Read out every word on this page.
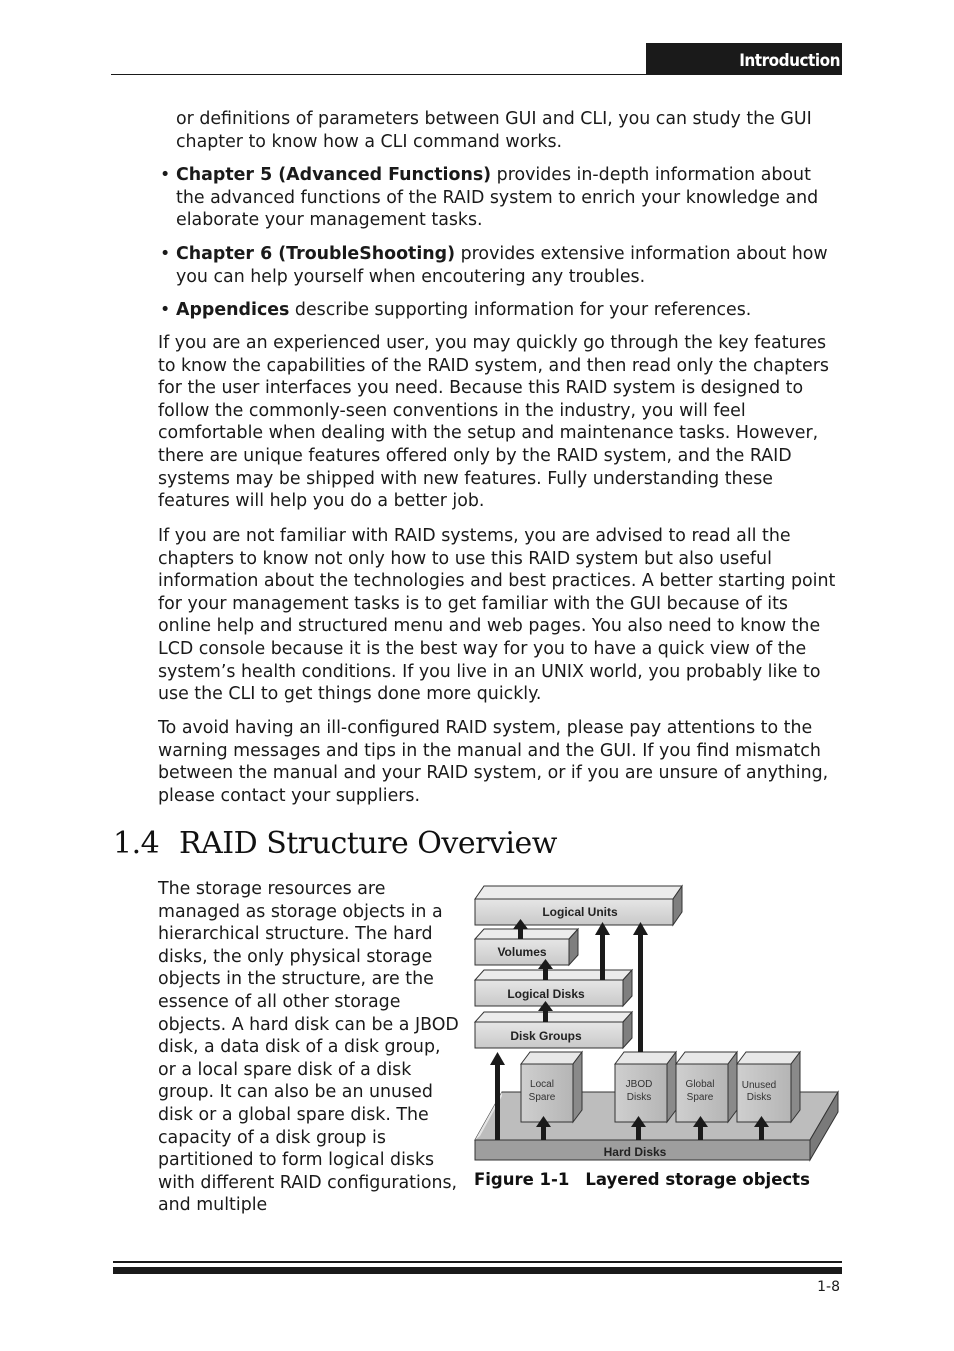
Introduction

or definitions of parameters between GUI and CLI, you can study the GUI chapter to know how a CLI command works.

• Chapter 5 (Advanced Functions) provides in-depth information about the advanced functions of the RAID system to enrich your knowledge and elaborate your management tasks.
• Chapter 6 (TroubleShooting) provides extensive information about how you can help yourself when encoutering any troubles.
• Appendices describe supporting information for your references.

If you are an experienced user, you may quickly go through the key features to know the capabilities of the RAID system, and then read only the chapters for the user interfaces you need. Because this RAID system is designed to follow the commonly-seen conventions in the industry, you will feel comfortable when dealing with the setup and maintenance tasks. However, there are unique features offered only by the RAID system, and the RAID systems may be shipped with new features. Fully understanding these features will help you do a better job.

If you are not familiar with RAID systems, you are advised to read all the chapters to know not only how to use this RAID system but also useful information about the technologies and best practices. A better starting point for your management tasks is to get familiar with the GUI because of its online help and structured menu and web pages. You also need to know the LCD console because it is the best way for you to have a quick view of the system’s health conditions. If you live in an UNIX world, you probably like to use the CLI to get things done more quickly.

To avoid having an ill-configured RAID system, please pay attentions to the warning messages and tips in the manual and the GUI. If you find mismatch between the manual and your RAID system, or if you are unsure of anything, please contact your suppliers.

1.4 RAID Structure Overview

The storage resources are managed as storage objects in a hierarchical structure. The hard disks, the only physical storage objects in the structure, are the essence of all other storage objects. A hard disk can be a JBOD disk, a data disk of a disk group, or a local spare disk of a disk group. It can also be an unused disk or a global spare disk. The capacity of a disk group is partitioned to form logical disks with different RAID configurations, and multiple

Hard Disks
Local
Spare
JBOD
Disks
Global
Spare
Unused
Disks
Disk Groups
Logical Disks
Volumes
Logical Units
Figure 1-1 Layered storage objects
1-8
